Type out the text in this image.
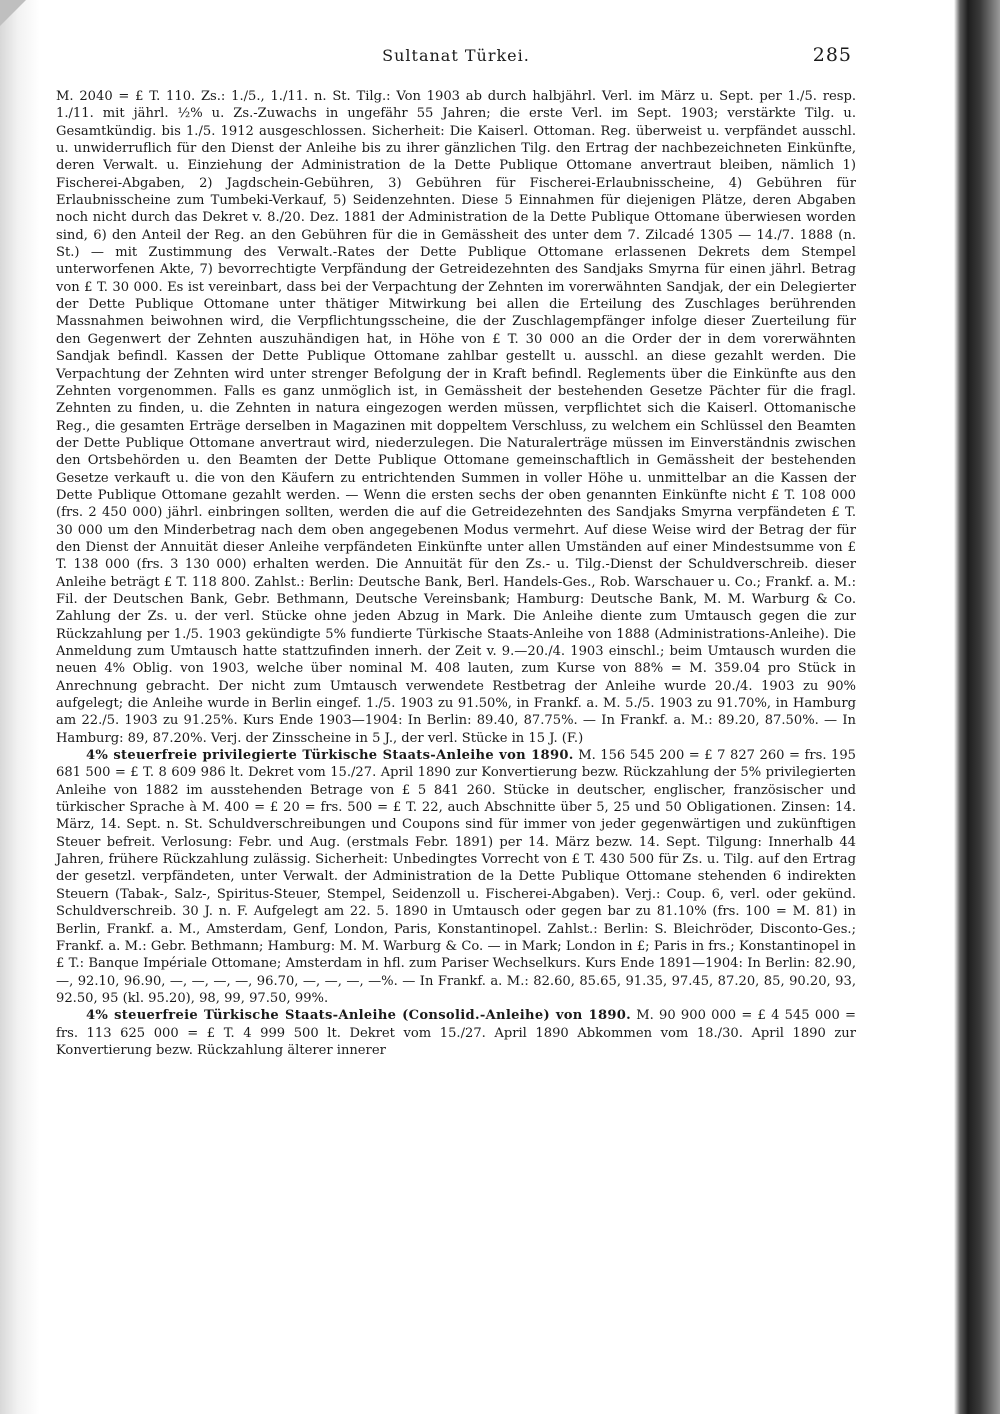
Sultanat Türkei.	285

M. 2040 = £ T. 110. Zs.: 1./5., 1./11. n. St. Tilg.: Von 1903 ab durch halbjährl. Verl. im März u. Sept. per 1./5. resp. 1./11. mit jährl. ½% u. Zs.-Zuwachs in ungefähr 55 Jahren; die erste Verl. im Sept. 1903; verstärkte Tilg. u. Gesamtkündig. bis 1./5. 1912 ausgeschlossen. Sicherheit: Die Kaiserl. Ottoman. Reg. überweist u. verpfändet ausschl. u. unwiderruflich für den Dienst der Anleihe bis zu ihrer gänzlichen Tilg. den Ertrag der nachbezeichneten Einkünfte, deren Verwalt. u. Einziehung der Administration de la Dette Publique Ottomane anvertraut bleiben, nämlich 1) Fischerei-Abgaben, 2) Jagdschein-Gebühren, 3) Gebühren für Fischerei-Erlaubnisscheine, 4) Gebühren für Erlaubnisscheine zum Tumbeki-Verkauf, 5) Seidenzehnten. Diese 5 Einnahmen für diejenigen Plätze, deren Abgaben noch nicht durch das Dekret v. 8./20. Dez. 1881 der Administration de la Dette Publique Ottomane überwiesen worden sind, 6) den Anteil der Reg. an den Gebühren für die in Gemässheit des unter dem 7. Zilcadé 1305 — 14./7. 1888 (n. St.) — mit Zustimmung des Verwalt.-Rates der Dette Publique Ottomane erlassenen Dekrets dem Stempel unterworfenen Akte, 7) bevorrechtigte Verpfändung der Getreidezehnten des Sandjaks Smyrna für einen jährl. Betrag von £ T. 30 000. Es ist vereinbart, dass bei der Verpachtung der Zehnten im vorerwähnten Sandjak, der ein Delegierter der Dette Publique Ottomane unter thätiger Mitwirkung bei allen die Erteilung des Zuschlages berührenden Massnahmen beiwohnen wird, die Verpflichtungsscheine, die der Zuschlagempfänger infolge dieser Zuerteilung für den Gegenwert der Zehnten auszuhändigen hat, in Höhe von £ T. 30 000 an die Order der in dem vorerwähnten Sandjak befindl. Kassen der Dette Publique Ottomane zahlbar gestellt u. ausschl. an diese gezahlt werden. Die Verpachtung der Zehnten wird unter strenger Befolgung der in Kraft befindl. Reglements über die Einkünfte aus den Zehnten vorgenommen. Falls es ganz unmöglich ist, in Gemässheit der bestehenden Gesetze Pächter für die fragl. Zehnten zu finden, u. die Zehnten in natura eingezogen werden müssen, verpflichtet sich die Kaiserl. Ottomanische Reg., die gesamten Erträge derselben in Magazinen mit doppeltem Verschluss, zu welchem ein Schlüssel den Beamten der Dette Publique Ottomane anvertraut wird, niederzulegen. Die Naturalerträge müssen im Einverständnis zwischen den Ortsbehörden u. den Beamten der Dette Publique Ottomane gemeinschaftlich in Gemässheit der bestehenden Gesetze verkauft u. die von den Käufern zu entrichtenden Summen in voller Höhe u. unmittelbar an die Kassen der Dette Publique Ottomane gezahlt werden. — Wenn die ersten sechs der oben genannten Einkünfte nicht £ T. 108 000 (frs. 2 450 000) jährl. einbringen sollten, werden die auf die Getreidezehnten des Sandjaks Smyrna verpfändeten £ T. 30 000 um den Minderbetrag nach dem oben angegebenen Modus vermehrt. Auf diese Weise wird der Betrag der für den Dienst der Annuität dieser Anleihe verpfändeten Einkünfte unter allen Umständen auf einer Mindestsumme von £ T. 138 000 (frs. 3 130 000) erhalten werden. Die Annuität für den Zs.- u. Tilg.-Dienst der Schuldverschreib. dieser Anleihe beträgt £ T. 118 800. Zahlst.: Berlin: Deutsche Bank, Berl. Handels-Ges., Rob. Warschauer u. Co.; Frankf. a. M.: Fil. der Deutschen Bank, Gebr. Bethmann, Deutsche Vereinsbank; Hamburg: Deutsche Bank, M. M. Warburg & Co. Zahlung der Zs. u. der verl. Stücke ohne jeden Abzug in Mark. Die Anleihe diente zum Umtausch gegen die zur Rückzahlung per 1./5. 1903 gekündigte 5% fundierte Türkische Staats-Anleihe von 1888 (Administrations-Anleihe). Die Anmeldung zum Umtausch hatte stattzufinden innerh. der Zeit v. 9.—20./4. 1903 einschl.; beim Umtausch wurden die neuen 4% Oblig. von 1903, welche über nominal M. 408 lauten, zum Kurse von 88% = M. 359.04 pro Stück in Anrechnung gebracht. Der nicht zum Umtausch verwendete Restbetrag der Anleihe wurde 20./4. 1903 zu 90% aufgelegt; die Anleihe wurde in Berlin eingef. 1./5. 1903 zu 91.50%, in Frankf. a. M. 5./5. 1903 zu 91.70%, in Hamburg am 22./5. 1903 zu 91.25%. Kurs Ende 1903—1904: In Berlin: 89.40, 87.75%. — In Frankf. a. M.: 89.20, 87.50%. — In Hamburg: 89, 87.20%. Verj. der Zinsscheine in 5 J., der verl. Stücke in 15 J. (F.)

4% steuerfreie privilegierte Türkische Staats-Anleihe von 1890. M. 156 545 200 = £ 7 827 260 = frs. 195 681 500 = £ T. 8 609 986 lt. Dekret vom 15./27. April 1890 zur Konvertierung bezw. Rückzahlung der 5% privilegierten Anleihe von 1882 im ausstehenden Betrage von £ 5 841 260. Stücke in deutscher, englischer, französischer und türkischer Sprache à M. 400 = £ 20 = frs. 500 = £ T. 22, auch Abschnitte über 5, 25 und 50 Obligationen. Zinsen: 14. März, 14. Sept. n. St. Schuldverschreibungen und Coupons sind für immer von jeder gegenwärtigen und zukünftigen Steuer befreit. Verlosung: Febr. und Aug. (erstmals Febr. 1891) per 14. März bezw. 14. Sept. Tilgung: Innerhalb 44 Jahren, frühere Rückzahlung zulässig. Sicherheit: Unbedingtes Vorrecht von £ T. 430 500 für Zs. u. Tilg. auf den Ertrag der gesetzl. verpfändeten, unter Verwalt. der Administration de la Dette Publique Ottomane stehenden 6 indirekten Steuern (Tabak-, Salz-, Spiritus-Steuer, Stempel, Seidenzoll u. Fischerei-Abgaben). Verj.: Coup. 6, verl. oder gekünd. Schuldverschreib. 30 J. n. F. Aufgelegt am 22. 5. 1890 in Umtausch oder gegen bar zu 81.10% (frs. 100 = M. 81) in Berlin, Frankf. a. M., Amsterdam, Genf, London, Paris, Konstantinopel. Zahlst.: Berlin: S. Bleichröder, Disconto-Ges.; Frankf. a. M.: Gebr. Bethmann; Hamburg: M. M. Warburg & Co. — in Mark; London in £; Paris in frs.; Konstantinopel in £ T.: Banque Impériale Ottomane; Amsterdam in hfl. zum Pariser Wechselkurs. Kurs Ende 1891—1904: In Berlin: 82.90, —, 92.10, 96.90, —, —, —, —, 96.70, —, —, —, —%. — In Frankf. a. M.: 82.60, 85.65, 91.35, 97.45, 87.20, 85, 90.20, 93, 92.50, 95 (kl. 95.20), 98, 99, 97.50, 99%.

4% steuerfreie Türkische Staats-Anleihe (Consolid.-Anleihe) von 1890. M. 90 900 000 = £ 4 545 000 = frs. 113 625 000 = £ T. 4 999 500 lt. Dekret vom 15./27. April 1890 Abkommen vom 18./30. April 1890 zur Konvertierung bezw. Rückzahlung älterer innerer
